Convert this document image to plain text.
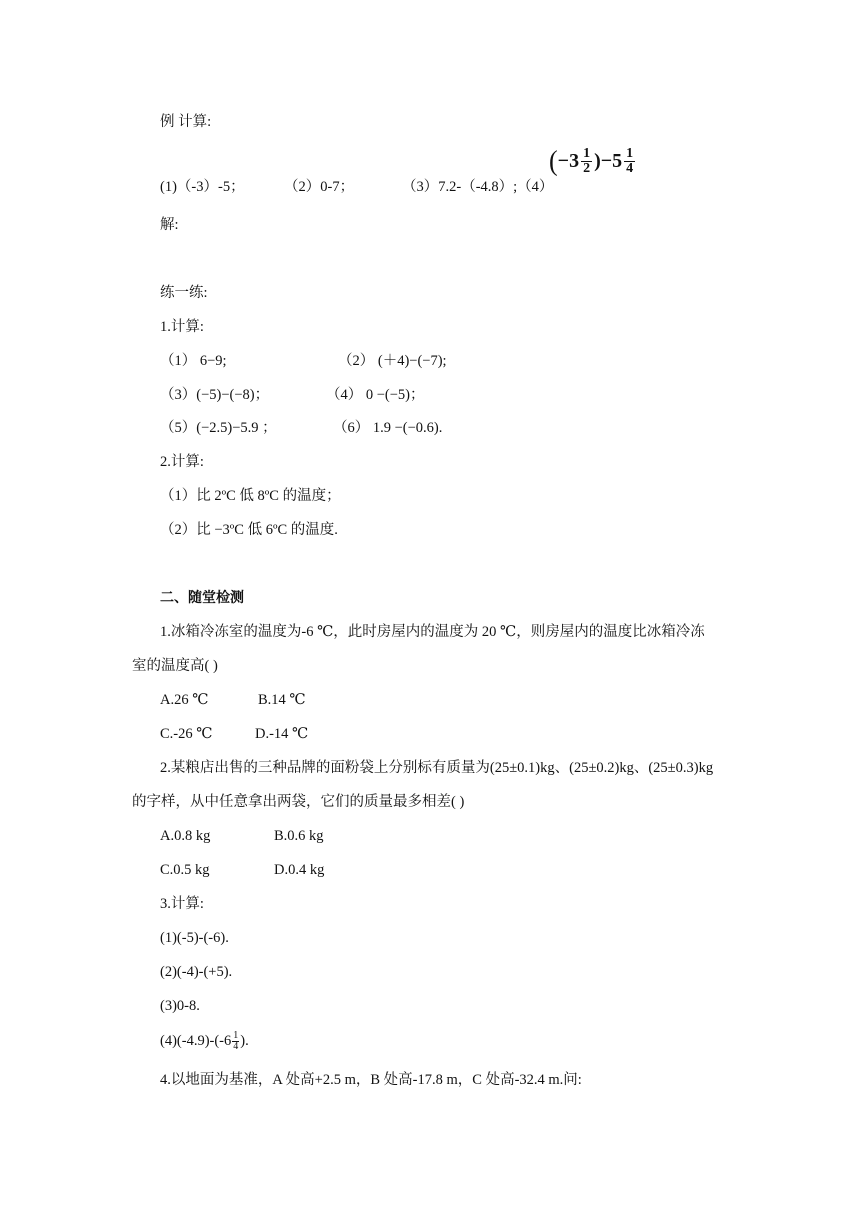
例 计算:
(1)（-3）-5；	（2）0-7；	（3）7.2-（-4.8）;（4）
( $-3 \frac{1}{2} )-5 \frac{1}{4}$
解:
练一练:
1.计算:
（1） 6−9;	（2） (＋4)−(−7);
（3）(−5)−(−8)；	（4） 0 −(−5)；
（5）(−2.5)−5.9 ；	（6） 1.9 −(−0.6).
2.计算:
（1）比 2ºC 低 8ºC 的温度；
（2）比 −3ºC 低 6ºC 的温度.
二、随堂检测
1.冰箱冷冻室的温度为-6 ℃，此时房屋内的温度为 20 ℃，则房屋内的温度比冰箱冷冻
室的温度高( )
A.26 ℃	B.14 ℃
C.-26 ℃	D.-14 ℃
2.某粮店出售的三种品牌的面粉袋上分别标有质量为(25±0.1)kg、(25±0.2)kg、(25±0.3)kg
的字样，从中任意拿出两袋，它们的质量最多相差( )
A.0.8 kg	B.0.6 kg
C.0.5 kg	D.0.4 kg
3.计算:
(1)(-5)-(-6).
(2)(-4)-(+5).
(3)0-8.
$(4)(-4.9)-(-6 \frac{1}{4}$ ).
4.以地面为基准，A 处高+2.5 m，B 处高-17.8 m，C 处高-32.4 m.问:
